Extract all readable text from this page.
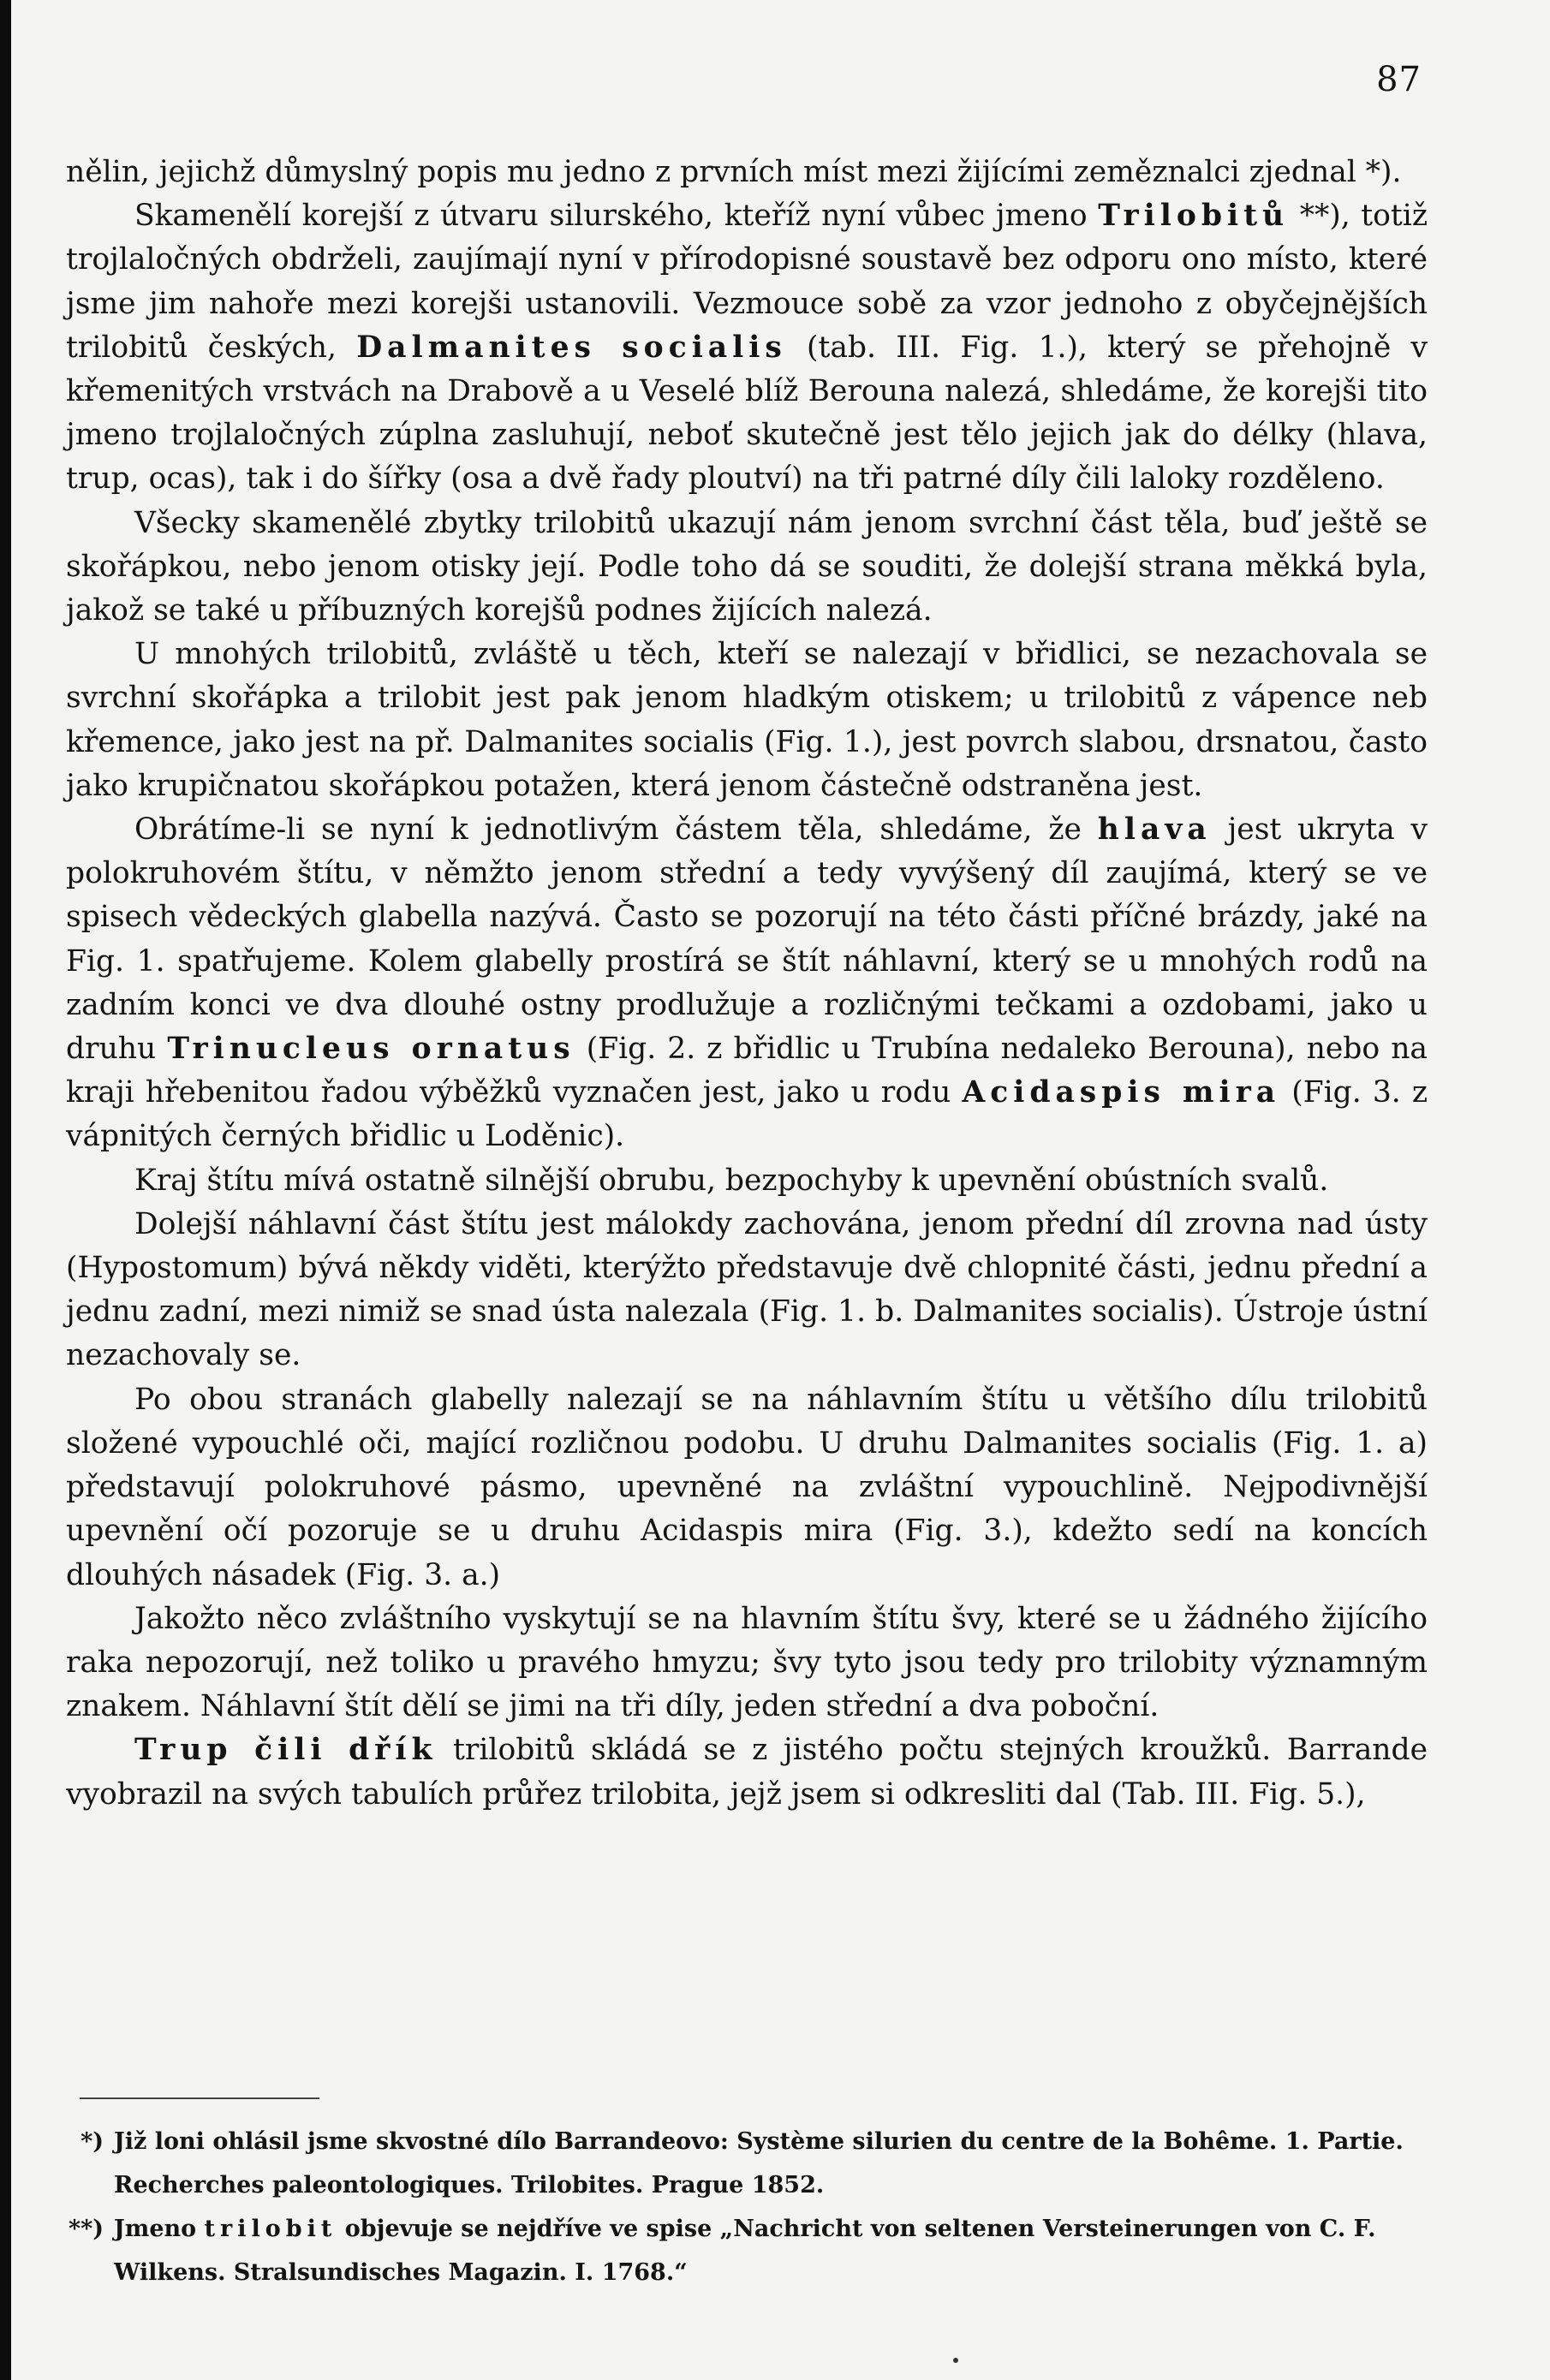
87

nělin, jejichž důmyslný popis mu jedno z prvních míst mezi žijícími zeměznalci zjednal *).

Skamenělí korejší z útvaru silurského, kteříž nyní vůbec jmeno Trilobitů **), totiž trojlaločných obdrželi, zaujímají nyní v přírodopisné soustavě bez odporu ono místo, které jsme jim nahoře mezi korejši ustanovili. Vezmouce sobě za vzor jednoho z obyčejnějších trilobitů českých, Dalmanites socialis (tab. III. Fig. 1.), který se přehojně v křemenitých vrstvách na Drabově a u Veselé blíž Berouna nalezá, shledáme, že korejši tito jmeno trojlaločných zúplna zasluhují, neboť skutečně jest tělo jejich jak do délky (hlava, trup, ocas), tak i do šířky (osa a dvě řady ploutví) na tři patrné díly čili laloky rozděleno.

Všecky skamenělé zbytky trilobitů ukazují nám jenom svrchní část těla, buď ještě se skořápkou, nebo jenom otisky její. Podle toho dá se souditi, že dolejší strana měkká byla, jakož se také u příbuzných korejšů podnes žijících nalezá.

U mnohých trilobitů, zvláště u těch, kteří se nalezají v břidlici, se nezachovala se svrchní skořápka a trilobit jest pak jenom hladkým otiskem; u trilobitů z vápence neb křemence, jako jest na př. Dalmanites socialis (Fig. 1.), jest povrch slabou, drsnatou, často jako krupičnatou skořápkou potažen, která jenom částečně odstraněna jest.

Obrátíme-li se nyní k jednotlivým částem těla, shledáme, že hlava jest ukryta v polokruhovém štítu, v němžto jenom střední a tedy vyvýšený díl zaujímá, který se ve spisech vědeckých glabella nazývá. Často se pozorují na této části příčné brázdy, jaké na Fig. 1. spatřujeme. Kolem glabelly prostírá se štít náhlavní, který se u mnohých rodů na zadním konci ve dva dlouhé ostny prodlužuje a rozličnými tečkami a ozdobami, jako u druhu Trinucleus ornatus (Fig. 2. z břidlic u Trubína nedaleko Berouna), nebo na kraji hřebenitou řadou výběžků vyznačen jest, jako u rodu Acidaspis mira (Fig. 3. z vápnitých černých břidlic u Loděnic).

Kraj štítu mívá ostatně silnější obrubu, bezpochyby k upevnění obústních svalů.

Dolejší náhlavní část štítu jest málokdy zachována, jenom přední díl zrovna nad ústy (Hypostomum) bývá někdy viděti, kterýžto představuje dvě chlopnité části, jednu přední a jednu zadní, mezi nimiž se snad ústa nalezala (Fig. 1. b. Dalmanites socialis). Ústroje ústní nezachovaly se.

Po obou stranách glabelly nalezají se na náhlavním štítu u většího dílu trilobitů složené vypouchlé oči, mající rozličnou podobu. U druhu Dalmanites socialis (Fig. 1. a) představují polokruhové pásmo, upevněné na zvláštní vypouchlině. Nejpodivnější upevnění očí pozoruje se u druhu Acidaspis mira (Fig. 3.), kdežto sedí na koncích dlouhých násadek (Fig. 3. a.)

Jakožto něco zvláštního vyskytují se na hlavním štítu švy, které se u žádného žijícího raka nepozorují, než toliko u pravého hmyzu; švy tyto jsou tedy pro trilobity významným znakem. Náhlavní štít dělí se jimi na tři díly, jeden střední a dva poboční.

Trup čili dřík trilobitů skládá se z jistého počtu stejných kroužků. Barrande vyobrazil na svých tabulích průřez trilobita, jejž jsem si odkresliti dal (Tab. III. Fig. 5.),

*) Již loni ohlásil jsme skvostné dílo Barrandeovo: Système silurien du centre de la Bohême. 1. Partie. Recherches paleontologiques. Trilobites. Prague 1852.
**) Jmeno trilobit objevuje se nejdříve ve spise „Nachricht von seltenen Versteinerungen von C. F. Wilkens. Stralsundisches Magazin. I. 1768.“
